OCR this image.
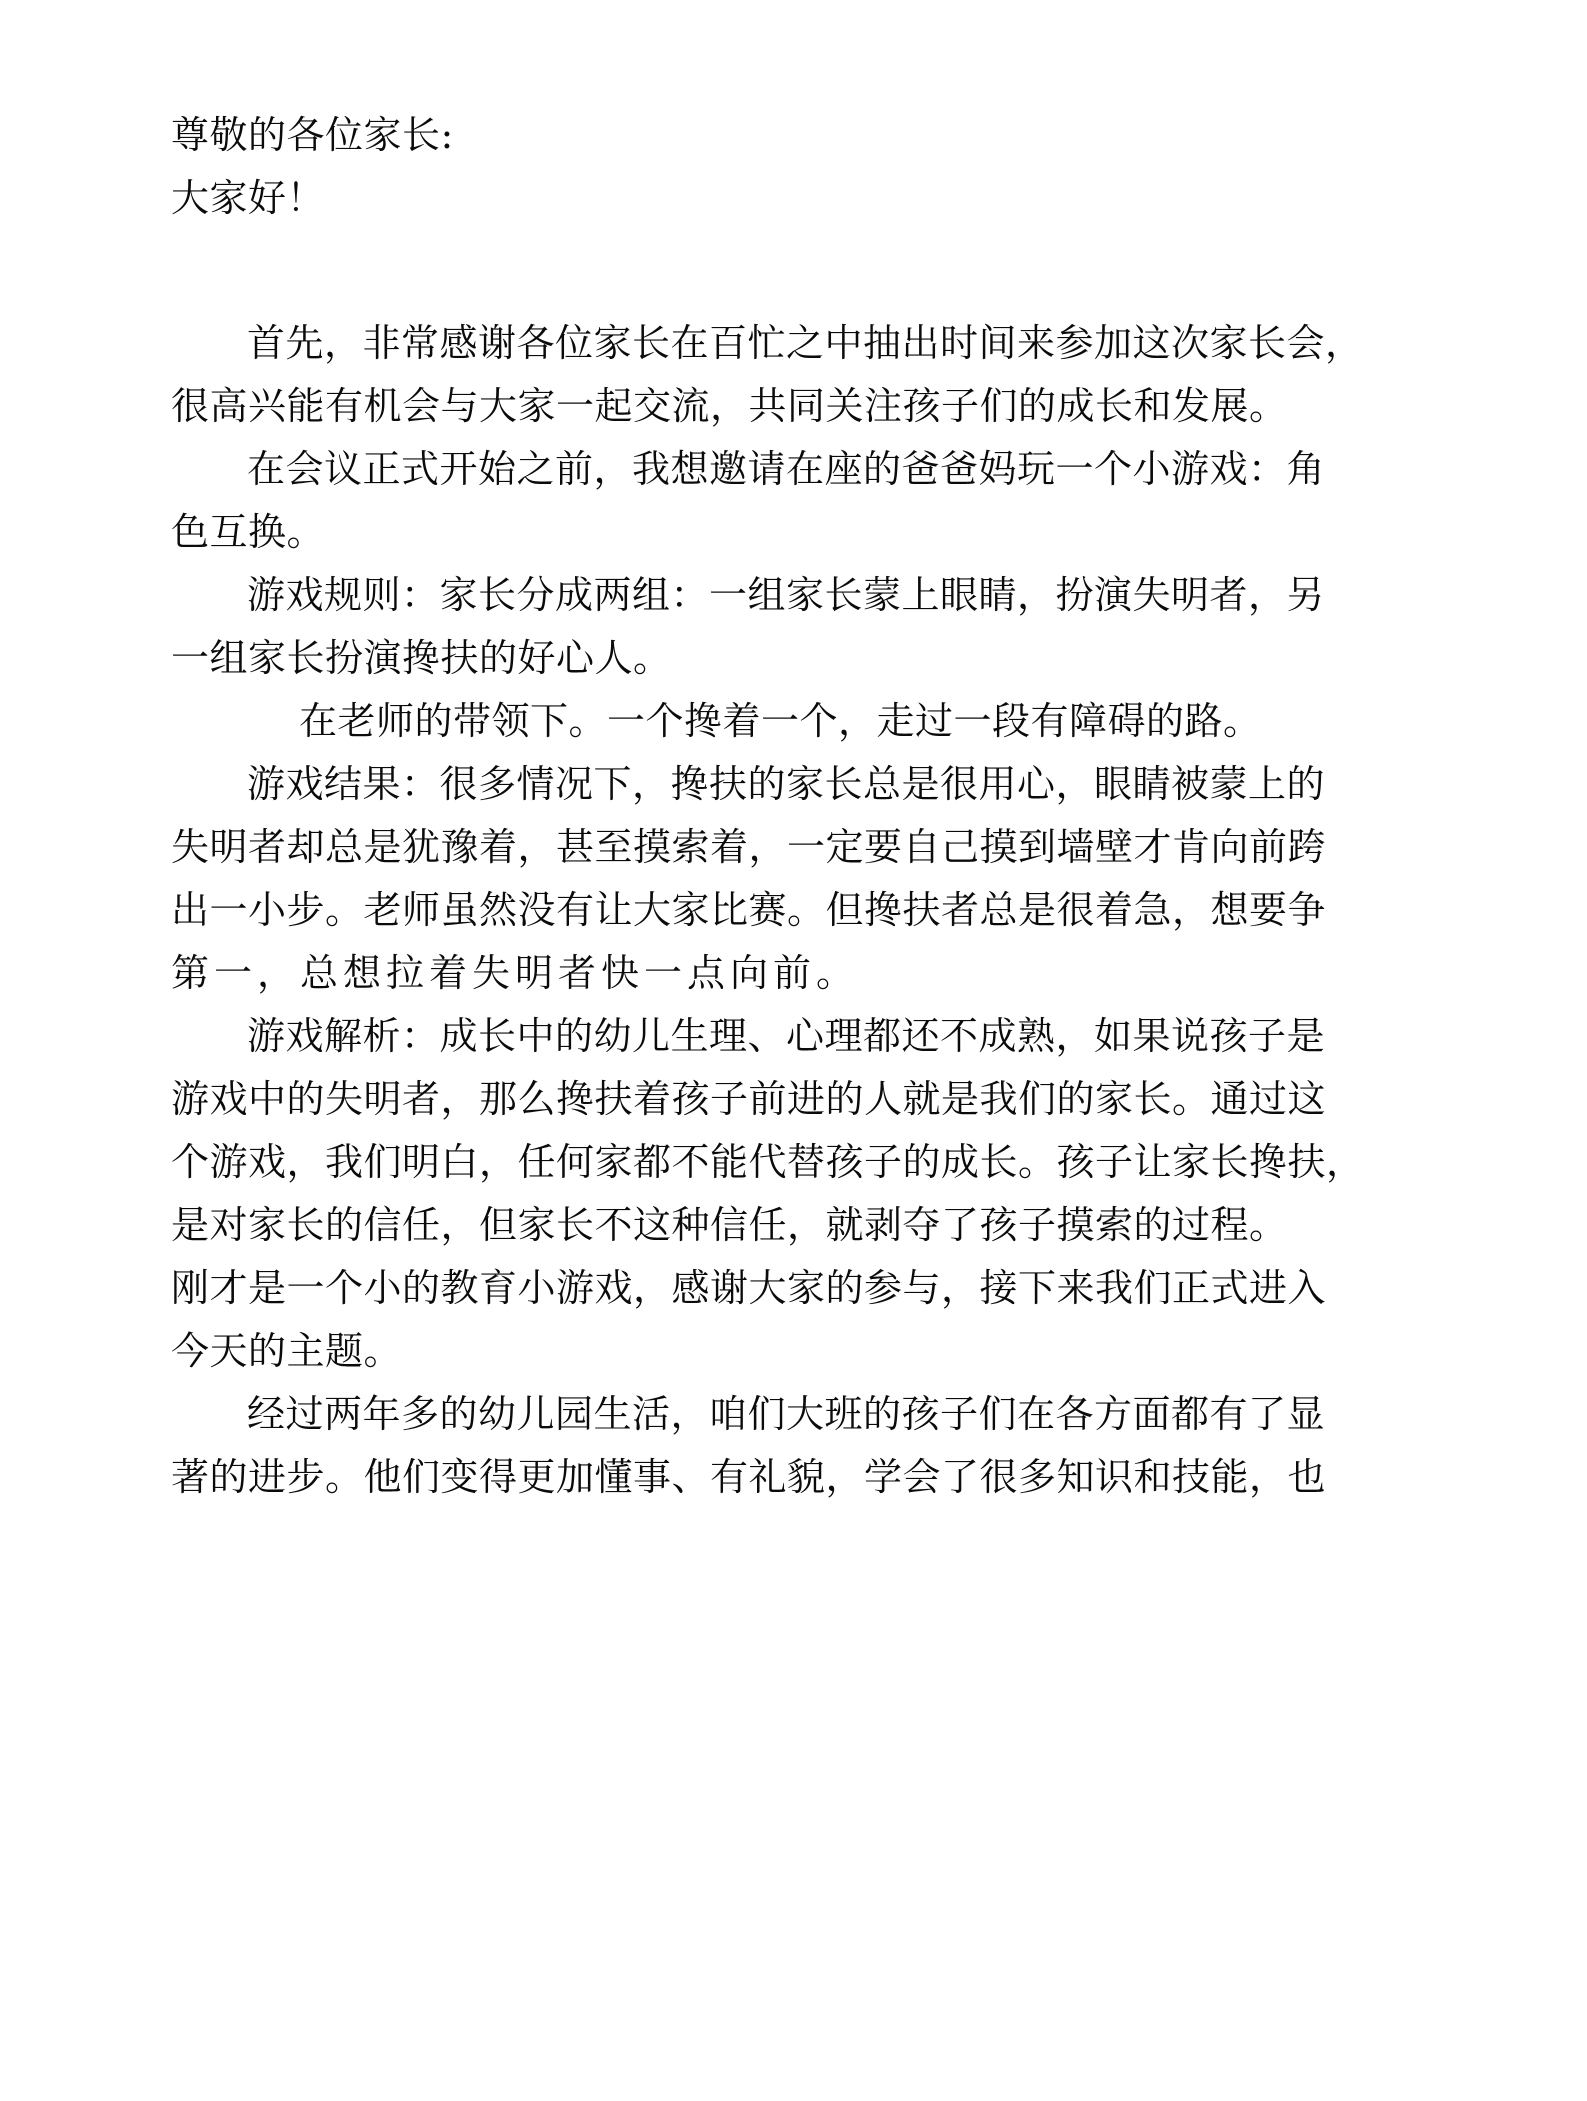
尊敬的各位家长:
大家好！
首先，非常感谢各位家长在百忙之中抽出时间来参加这次家长会，
很高兴能有机会与大家一起交流，共同关注孩子们的成长和发展。
在会议正式开始之前，我想邀请在座的爸爸妈玩一个小游戏：角
色互换。
游戏规则：家长分成两组：一组家长蒙上眼睛，扮演失明者，另
一组家长扮演搀扶的好心人。
在老师的带领下。一个搀着一个，走过一段有障碍的路。
游戏结果：很多情况下，搀扶的家长总是很用心，眼睛被蒙上的
失明者却总是犹豫着，甚至摸索着，一定要自己摸到墙壁才肯向前跨
出一小步。老师虽然没有让大家比赛。但搀扶者总是很着急，想要争
第一，总想拉着失明者快一点向前。
游戏解析：成长中的幼儿生理、心理都还不成熟，如果说孩子是
游戏中的失明者，那么搀扶着孩子前进的人就是我们的家长。通过这
个游戏，我们明白，任何家都不能代替孩子的成长。孩子让家长搀扶，
是对家长的信任，但家长不这种信任，就剥夺了孩子摸索的过程。
刚才是一个小的教育小游戏，感谢大家的参与，接下来我们正式进入
今天的主题。
经过两年多的幼儿园生活，咱们大班的孩子们在各方面都有了显
著的进步。他们变得更加懂事、有礼貌，学会了很多知识和技能，也
